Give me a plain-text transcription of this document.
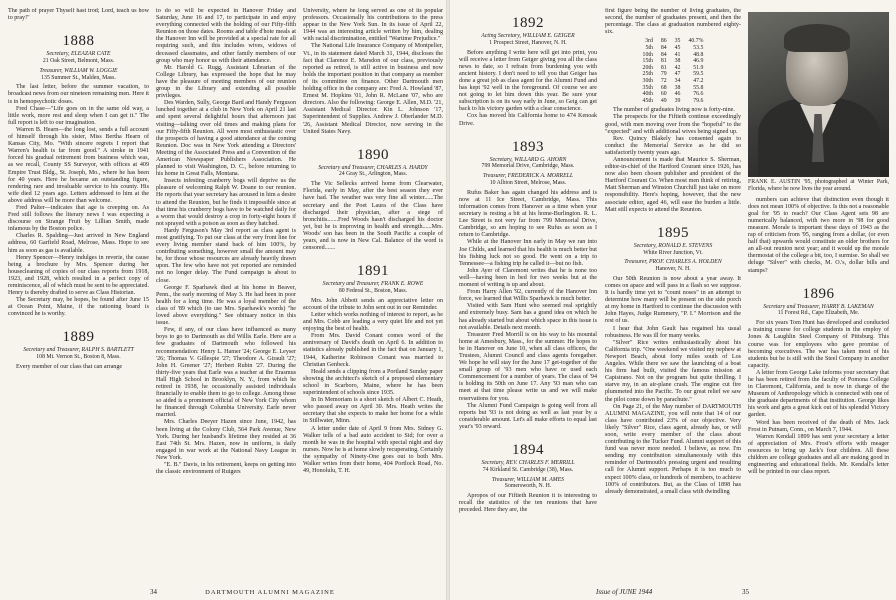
The path of prayer Thyself hast trod; Lord, teach us how to pray!"

1888
Secretary, ELEAZAR CATE
21 Oak Street, Belmont, Mass.
Treasurer, WILLIAM W. LOGGIE
135 Summer St., Malden, Mass.

The last letter, before the summer vacation, to broadcast news from our nineteen remaining men. Here it is in hemopsychotic doses.

Fred Chase—"Life goes on in the same old way, a little work, more rest and sleep when I can get it." The full report is left to our imagination.

Warren B. Hearn—the long lost, sends a full account of himself through his sister, Miss Bertha Hearn of Kansas City, Mo. "With sincere regrets I report that Warren's health is far from good." A stroke in 1941 forced his gradual retirement from business which was, as we recall, County SS Surveyor, with offices at 409 Empire Trust Bldg., St. Joseph, Mo., where he has been for 40 years. Here he became an outstanding figure, rendering rare and invaluable service to his county. His wife died 12 years ago. Letters addressed to him at the above address will be more than welcome.

Fred Palter—indicates that age is creeping on. As Fred still follows the literary news I was expecting a discourse on Strange Fruit by Lillian Smith, made infamous by the Boston police.

Charles R. Spalding—Just arrived in New England address, 60 Garfield Road, Melrose, Mass. Hope to see him as soon as gas is available.

Henry Spencer—Henry indulges in reverie, the cause being a brochure by Mrs. Spencer during her housecleaning of copies of our class reports from 1918, 1923, and 1928, which resulted in a perfect copy of reminiscence, all of which must be sent to be appreciated. Henry is thereby drafted to serve as Class Historian.

The Secretary may, be hopes, be found after June 15 at Ocean Point, Maine, if the rationing board is convinced he is worthy.

1889
Secretary and Treasurer, RALPH S. BARTLETT
108 Mt. Vernon St., Boston 8, Mass.

Every member of our class that can arrange

to do so will be expected in Hanover Friday and Saturday, June 16 and 17, to participate in and enjoy everything connected with the holding of our Fifty-fifth Reunion on those dates. Rooms and table d'hote meals at the Hanover Inn will be provided at a special rate for all requiring such, and this includes wives, widows of deceased classmates, and other family members of our group who may honor us with their attendance.

Mr. Harold G. Rugg, Assistant Librarian of the College Library, has expressed the hope that he may have the pleasure of meeting members of our reunion group in the Library and extending all possible privileges.

Des Warden, Sully, George Bard and Handy Ferguson lunched together at a club in New York on April 21 last and spent several delightful hours that afternoon just visiting—talking over old times and making plans for our Fifty-fifth Reunion. All were most enthusiastic over the prospects of having a good attendance at the coming Reunion. Doc was in New York attending a Directors' Meeting of the Associated Press and a Convention of the American Newspaper Publishers Association. He planned to visit Washington, D. C., before returning to his home in Great Falls, Montana.

Insects infesting cranberry bogs will deprive us the pleasure of welcoming Ralph W. Doane to our reunion. He reports that year secretary has aroused in him a desire to attend the Reunion, but he finds it impossible since at that time his cranberry bogs have to be watched daily for a worm that would destroy a crop in forty-eight hours if not sprayed with a poison as soon as they hatched.

Hardy Ferguson's May 3rd report as class agent is most gratifying. To put our class at the very front line for every living member stand back of him 100%, by contributing something, however small the amount may be, for those whose resources are already heavily drawn upon. The few who have not yet reported are reminded not no longer delay. The Fund campaign is about to close.

George F. Sparhawk died at his home in Beaver, Penn., the early morning of May 3. He had been in poor health for a long time. He was a loyal member of the class of '89 which (to use Mrs. Sparhawk's words) "he loved above everything." See obituary notice in this issue.

Few, if any, of our class have influenced as many boys to go to Dartmouth as did Willis Earle. Here are a few graduates of Dartmouth who followed his recommendation: Henry L. Hamer '24; George E. Leyser '26; Thomas V. Gillespie '27; Theodore A. Girault '27; John H. Greener '27; Herbert Rubin '27. During the thirty-five years that Earle was a teacher at the Erasmus Hall High School in Brooklyn, N. Y., from which he retired in 1938, he occasionally assisted individuals financially to enable them to go to college. Among those so aided is a prominent official of New York City whom he financed through Columbia University. Earle never married.

Mrs. Charles Deeyer Hazen since June, 1942, has been living at the Colony Club, 564 Park Avenue, New York. During her husband's lifetime they resided at 36 East 74th St. Mrs. Hazen, now in uniform, is daily engaged in war work at the National Navy League in New York.

"E. B." Davis, in his retirement, keeps on getting into the classic environment of Rutgers

University, where he long served as one of its popular professors. Occasionally his contributions to the press appear in the New York Sun. In its issue of April 22, 1944 was an interesting article written by him, dealing with racial discrimination, entitled "Wartime Prejudice."

The National Life Insurance Company of Montpelier, Vt., in its statement dated March 31, 1944, discloses the fact that Clarence E. Marsdon of our class, previously reported as retired, is still active in business and now holds the important position in that company as member of its committee on finance. Other Dartmouth men holding office in the company are: Fred A. Howland '87, Ernest M. Hopkins '01, John R. McLane '07, who are directors. Also the following: George E. Allen, M.D. '21, Assistant Medical Director. Kin L. Johnson '17, Superintendent of Supplies. Andrew J. Oberlander M.D. '26, Assistant Medical Director, now serving in the United States Navy.

1890
Secretary and Treasurer, CHARLES A. HARDY
24 Gray St., Arlington, Mass.

The Vic Sellecks arrived home from Clearwater, Florida, early in May, after the best season they ever have had. The weather was very fine all winter......The secretary and the Poet Laura of the Class have discharged their physician, after a siege of bronchitis.......Fred Woods hasn't discharged his doctor yet, but he is improving in health and strength......Mrs. Woods' son has been in the South Pacific a couple of years, and is now in New Cal. Balance of the word is censored.......

1891
Secretary and Treasurer, FRANK E. ROWE
80 Federal St., Boston, Mass.

Mrs. John Abbott sends an appreciative letter on account of the tribute to John sent out in our Reminder.

Letter which works nothing of interest to report, as he and Mrs. Cobb are leading a very quiet life and not yet enjoying the best of health.

From Mrs. David Conant comes word of the anniversary of David's death on April 6. In addition to statistics already published in the fact that on January 1, 1944, Katherine Robinson Conant was married to Christian Genbeck.

Heald sends a clipping from a Portland Sunday paper showing the architect's sketch of a proposed elementary school in Scarboro, Maine, where he has been superintendent of schools since 1935.

In In Memoriam is a short sketch of Albert C. Heath, who passed away on April 30. Mrs. Heath writes the secretary that she expects to make her home for a while in Stillwater, Minn.

A letter under date of April 9 from Mrs. Sidney G. Walker tells of a bad auto accident to Sid; for over a month he was in the hospital with special night and day nurses. Now he is at home slowly recuperating. Certainly the sympathy of Ninety-One goes out to both Mrs. Walker writes from their home, 404 Portlock Road, No. 49, Honolulu, T. H.

34	DARTMOUTH ALUMNI MAGAZINE
1892
Acting Secretary, WILLIAM E. GEIGER
1 Prospect Street, Hanover, N. H.

Before anything I write here will get into print, you will receive a letter from Geiger giving you all the class news to date, so I refrain from burdening you with ancient history. I don't need to tell you that Geiger has done a great job as class agent for the Alumni Fund and has kept '92 well in the foreground. Of course we are not going to let him down this year. Be sure your subscription is on its way early in June, so Geig can get back to his victory garden with a clear conscience.

Cox has moved his California home to 474 Kenoak Drive.

1893
Secretary, WILLARD G. AHORN
799 Memorial Drive, Cambridge, Mass.
Treasurer, FREDERICK A. MORRELL
10 Albion Street, Melrose, Mass.

Rufus Baker has again changed his address and is now at 11 Ice Street, Cambridge, Mass. This information comes from Hanover as a time when your secretary is resting a bit at his home-Burlington. R. L. Lee Street is not very far from 799 Memorial Drive, Cambridge, so am hoping to see Rufus as soon as I return to Cambridge.

While at the Hanover Inn early in May we ran into Joe Childs, and learned that his health is much better but his fishing luck not so good. He went on a trip to Tennessee—a fishing trip he called it—but no fish.

John Ayer of Claremont writes that he is none too well—having been in bed for two weeks but at the moment of writing is up and about.

From Harry Allen '92, currently of the Hanover Inn force, we learned that Willis Sparhawk is much better.

Visited with Sam Hunt who seemed real sprightly and extremely busy. Sam has a grand idea on which he has already started but about which space in this issue is not available. Details next month.

Treasurer Fred Morrill is on his way to his mountal home at Amesbury, Mass., for the summer. He hopes to be in Hanover on June 10, when all class officers, the Trustees, Alumni Council and class agents foregather. We hope he will stay for the June 17 get-together of the small group of '93 men who have or used each Commencement for a number of years. The class of '94 is holding its 50th on June 17. Any '93 man who can meet at that time please write us and we will make reservations for you.

The Alumni Fund Campaign is going well from all reports but '93 is not doing as well as last year by a considerable amount. Let's all make efforts to equal last year's '93 reward.

1894
Secretary, REV. CHARLES F. MERRILL
74 Kirkland St. Cambridge (38), Mass.
Treasurer, WILLIAM M. AMES
Somersworth, N. H.

Apropos of our Fiftieth Reunion it is interesting to recall the statistics of the ten reunions that have preceded. Here they are, the

first figure being the number of living graduates, the second, the number of graduates present, and then the percentage. The class at graduation numbered eighty-six.

3rd	86	35	40.7%
5th	84	45	53.5
10th	84	41	48.8
15th	81	38	46.9
20th	81	42	51.9
25th	79	47	59.5
30th	72	34	47.2
35th	68	38	55.8
40th	60	46	76.6
45th	49	39	79.6

The number of graduates living now is forty-nine.

The prospects for the Fiftieth continue exceedingly good, with men moving over from the "hopeful" to the "expected" and with additional wives being signed up.

Rev. Quincy Blakely has consented again to conduct the Memorial Service as he did so satisfactorily twenty years ago.

Announcement is made that Maurice S. Sherman, editor-in-chief of the Hartford Courant since 1926, has now also been chosen publisher and president of the Hartford Courant Co. When most men think of retiring, Matt Sherman and Winston Churchill just take on more responsibility. Here's hoping, however, that the new associate editor, aged 46, will ease the burden a little. Matt still expects to attend the Reunion.

1895
Secretary, RONALD E. STEVENS
White River Junction, Vt.
Treasurer, PROF. CHARLES A. HOLDEN
Hanover, N. H.

Our 50th Reunion is now about a year away. It comes on apace and will pass in a flash so we suppose. It is hardly time yet to "count noses" in an attempt to determine how many will be present on the side porch at my home in Hartford to continue the discussion with John Hayes, Judge Rummery, "P. I." Morrison and the rest of us.

I hear that John Gault has regained his usual robustness. He was ill for many weeks.

"Silver" Rice writes enthusiastically about his California trip. "One weekend we visited my nephew at Newport Beach, about forty miles south of Los Angeles. While there we saw the launching of a boat his firm had built, visited the famous mission at Capistrano. Not on the program but quite thrilling. I starve my, in an air-plane crash. The engine cut fire plummeted into the Pacific. To our great relief we saw the pilot come down by parachute."

On Page 21, of the May number of DARTMOUTH ALUMNI MAGAZINE, you will note that 14 of our class have contributed 23% of our objective. Very likely "Silver" Rice, class agent, already has, or will soon, write every member of the class about contributing to the Tucker Fund. Alumni support of this fund was never more needed. I believe, as now. I'm sending my contribution simultaneously with this reminder of Dartmouth's pressing urgent and resulting call for Alumni support. Perhaps it is too much to expect 100% class, or hundreds of members, to achieve 100% of contributors. But, as the Class of 1898 has already demonstrated, a small class with dwindling

FRANK E. AUSTIN '95, photographed at Winter Park, Florida, where he now lives the year around.

numbers can achieve that distinction even though it does not mean 100% of objective. Is this not a reasonable goal for '95 to reach? Our Class Agent sets 98 are numerically balanced, with two more in '98 for good measure. Morale is important these days of 1943 as the rap of criticism from '95, ranging from a dollar, (or even half that) upwards would constitute an older brothers for an all-out reunion next year; and it would up the morale thermostat of the college a bit, too, I surmise. So shall we deluge "Silver" with checks, M. O.'s, dollar bills and stamps?

1896
Secretary and Treasurer, HARRY B. LAKEMAN
11 Forest Rd., Cape Elizabeth, Me.

For six years Tom Hunt has developed and conducted a training course for college students in the employ of Jones & Laughlin Steel Company of Pittsburg. This course was for employees who gave promise of becoming executives. The war has taken most of his students but he is still with the Steel Company in another capacity.

A letter from George Lake informs your secretary that he has been retired from the faculty of Pomona College in Claremont, California, and is now in charge of the Museum of Anthropology which is connected with one of the graduate departments of that institution. George likes his work and gets a great kick out of his splendid Victory garden.

Word has been received of the death of Mrs. Jack Frost in Putnam, Conn., on March 7, 1944.

Warren Kendall 1899 has sent your secretary a letter of appreciation of Mrs. Frost's efforts with meager resources to bring up Jack's four children. All these children are college graduates and all are making good in engineering and educational fields. Mr. Kendall's letter will be printed in our class report.

Issue of JUNE 1944	35
